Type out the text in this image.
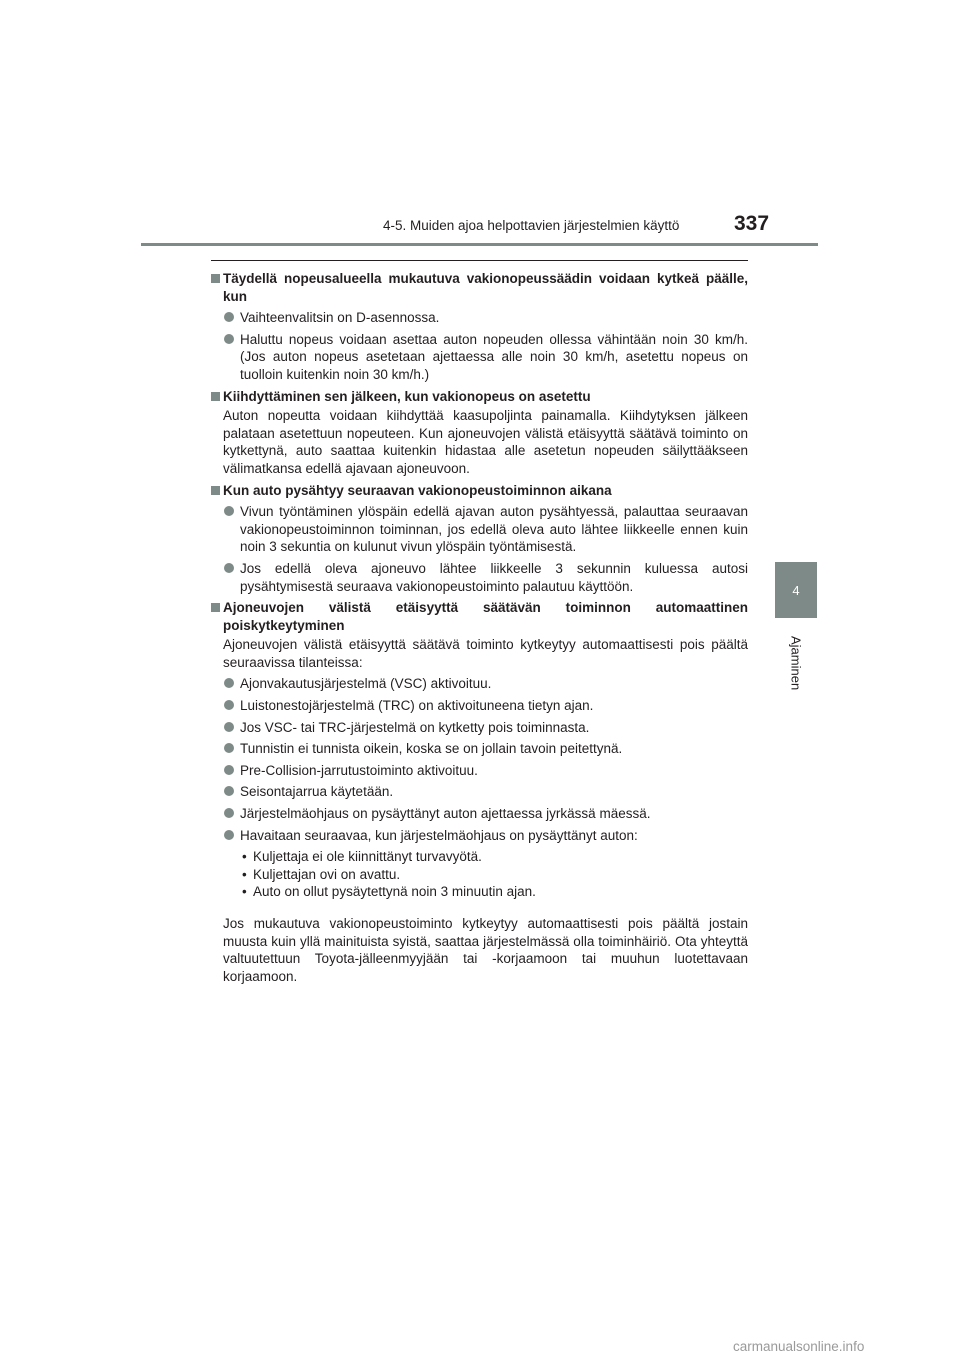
4-5. Muiden ajoa helpottavien järjestelmien käyttö	337
4
Ajaminen
Täydellä nopeusalueella mukautuva vakionopeussäädin voidaan kytkeä päälle, kun
Vaihteenvalitsin on D-asennossa.
Haluttu nopeus voidaan asettaa auton nopeuden ollessa vähintään noin 30 km/h. (Jos auton nopeus asetetaan ajettaessa alle noin 30 km/h, asetettu nopeus on tuolloin kuitenkin noin 30 km/h.)
Kiihdyttäminen sen jälkeen, kun vakionopeus on asetettu
Auton nopeutta voidaan kiihdyttää kaasupoljinta painamalla. Kiihdytyksen jälkeen palataan asetettuun nopeuteen. Kun ajoneuvojen välistä etäisyyttä säätävä toiminto on kytkettynä, auto saattaa kuitenkin hidastaa alle asetetun nopeuden säilyttääkseen välimatkansa edellä ajavaan ajoneuvoon.
Kun auto pysähtyy seuraavan vakionopeustoiminnon aikana
Vivun työntäminen ylöspäin edellä ajavan auton pysähtyessä, palauttaa seuraavan vakionopeustoiminnon toiminnan, jos edellä oleva auto lähtee liikkeelle ennen kuin noin 3 sekuntia on kulunut vivun ylöspäin työntämisestä.
Jos edellä oleva ajoneuvo lähtee liikkeelle 3 sekunnin kuluessa autosi pysähtymisestä seuraava vakionopeustoiminto palautuu käyttöön.
Ajoneuvojen välistä etäisyyttä säätävän toiminnon automaattinen poiskytkeytyminen
Ajoneuvojen välistä etäisyyttä säätävä toiminto kytkeytyy automaattisesti pois päältä seuraavissa tilanteissa:
Ajonvakautusjärjestelmä (VSC) aktivoituu.
Luistonestojärjestelmä (TRC) on aktivoituneena tietyn ajan.
Jos VSC- tai TRC-järjestelmä on kytketty pois toiminnasta.
Tunnistin ei tunnista oikein, koska se on jollain tavoin peitettynä.
Pre-Collision-jarrutustoiminto aktivoituu.
Seisontajarrua käytetään.
Järjestelmäohjaus on pysäyttänyt auton ajettaessa jyrkässä mäessä.
Havaitaan seuraavaa, kun järjestelmäohjaus on pysäyttänyt auton:
• Kuljettaja ei ole kiinnittänyt turvavyötä.
• Kuljettajan ovi on avattu.
• Auto on ollut pysäytettynä noin 3 minuutin ajan.
Jos mukautuva vakionopeustoiminto kytkeytyy automaattisesti pois päältä jostain muusta kuin yllä mainituista syistä, saattaa järjestelmässä olla toiminhäiriö. Ota yhteyttä valtuutettuun Toyota-jälleenmyyjään tai -korjaamoon tai muuhun luotettavaan korjaamoon.
carmanualsonline.info
